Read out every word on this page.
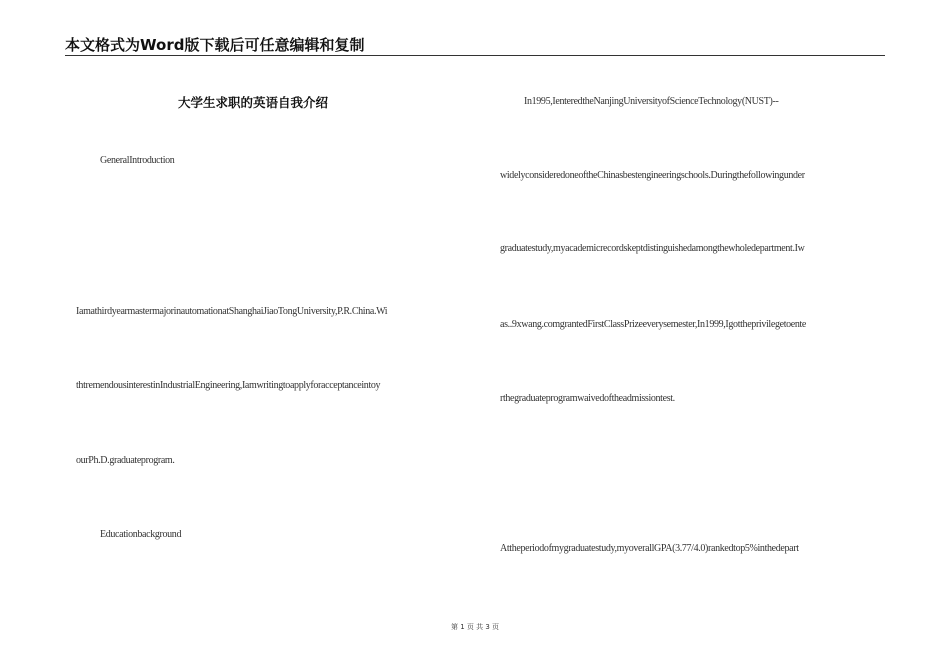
本文格式为Word版下载后可任意编辑和复制
大学生求职的英语自我介绍
GeneralIntroduction
IamathirdyearmastermajorinautomationatShanghaiJiaoTongUniversity,P.R.China.Wi
thtremendousinterestinIndustrialEngineering,Iamwritingtoapplyforacceptanceintoy
ourPh.D.graduateprogram.
Educationbackground
In1995,IenteredtheNanjingUniversityofScienceTechnology(NUST)--
widelyconsideredoneoftheChinasbestengineeringschools.Duringthefollowingunder
graduatestudy,myacademicrecordskeptdistinguishedamongthewholedepartment.Iw
as..9xwang.comgrantedFirstClassPrizeeverysemester,In1999,Igottheprivilegetoente
rthegraduateprogramwaivedoftheadmissiontest.
Attheperiodofmygraduatestudy,myoverallGPA(3.77/4.0)rankedtop5%inthedepart
第 1 页 共 3 页
